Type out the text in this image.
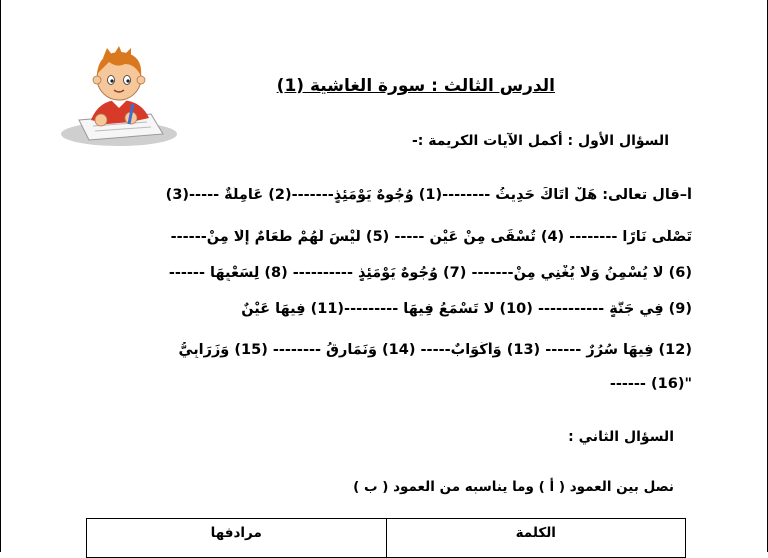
الدرس الثالث : سورة الغاشية (1)
السؤال الأول : أكمل الآيات الكريمة :-
أ–قال تعالى: هَلْ أَتَاكَ حَدِيثُ --------(1) وُجُوهٌ يَوْمَئِذٍ-------(2) عَامِلَةٌ -----(3)
تَصْلَى نَارًا -------- (4) تُسْقَى مِنْ عَيْنٍ ----- (5) لَيْسَ لَهُمْ طَعَامٌ إِلَّا مِنْ------
(6) لَا يُسْمِنُ وَلَا يُغْنِي مِنْ------- (7) وُجُوهٌ يَوْمَئِذٍ ---------- (8) لِسَعْيِهَا ------
(9) فِي جَنَّةٍ ----------- (10) لَا تَسْمَعُ فِيهَا ---------(11) فِيهَا عَيْنٌ
(12) فِيهَا سُرُرٌ ------ (13) وَأَكْوَابٌ----- (14) وَنَمَارِقُ -------- (15) وَزَرَابِيُّ
"(16) ------
السؤال الثاني :
نصل بين العمود ( أ ) وما يناسبه من العمود ( ب )
الكلمة
مرادفها
